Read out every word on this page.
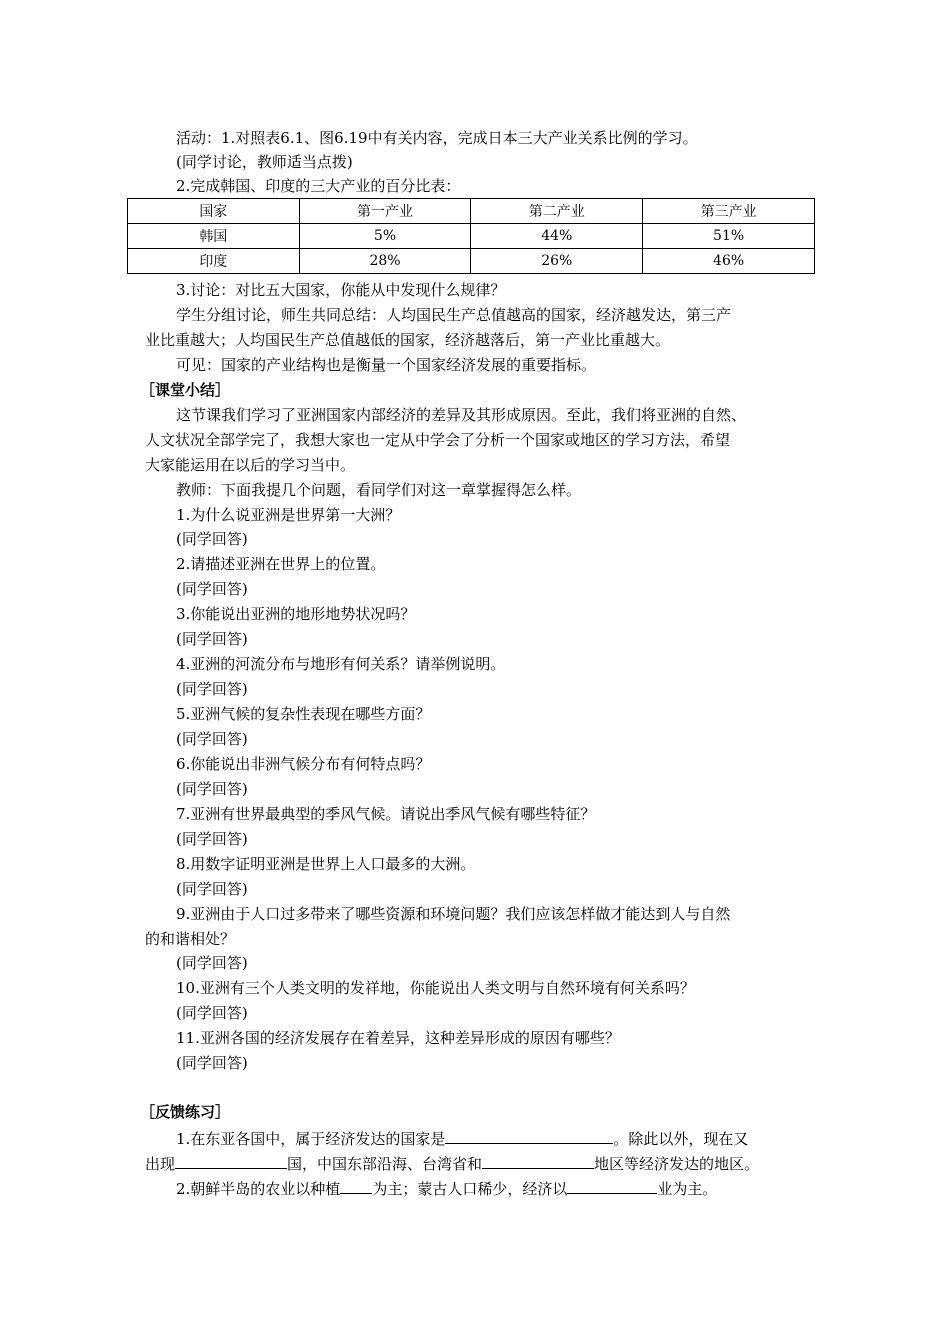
活动：1.对照表6.1、图6.19中有关内容，完成日本三大产业关系比例的学习。
(同学讨论，教师适当点拨)
2.完成韩国、印度的三大产业的百分比表：
国家	第一产业	第二产业	第三产业
韩国	5%	44%	51%
印度	28%	26%	46%
3.讨论：对比五大国家，你能从中发现什么规律？
学生分组讨论，师生共同总结：人均国民生产总值越高的国家，经济越发达，第三产
业比重越大；人均国民生产总值越低的国家，经济越落后，第一产业比重越大。
可见：国家的产业结构也是衡量一个国家经济发展的重要指标。
［课堂小结］
这节课我们学习了亚洲国家内部经济的差异及其形成原因。至此，我们将亚洲的自然、
人文状况全部学完了，我想大家也一定从中学会了分析一个国家或地区的学习方法，希望
大家能运用在以后的学习当中。
教师：下面我提几个问题，看同学们对这一章掌握得怎么样。
1.为什么说亚洲是世界第一大洲？
(同学回答)
2.请描述亚洲在世界上的位置。
(同学回答)
3.你能说出亚洲的地形地势状况吗？
(同学回答)
4.亚洲的河流分布与地形有何关系？请举例说明。
(同学回答)
5.亚洲气候的复杂性表现在哪些方面？
(同学回答)
6.你能说出非洲气候分布有何特点吗？
(同学回答)
7.亚洲有世界最典型的季风气候。请说出季风气候有哪些特征？
(同学回答)
8.用数字证明亚洲是世界上人口最多的大洲。
(同学回答)
9.亚洲由于人口过多带来了哪些资源和环境问题？我们应该怎样做才能达到人与自然
的和谐相处？
(同学回答)
10.亚洲有三个人类文明的发祥地，你能说出人类文明与自然环境有何关系吗？
(同学回答)
11.亚洲各国的经济发展存在着差异，这种差异形成的原因有哪些？
(同学回答)
［反馈练习］
1.在东亚各国中，属于经济发达的国家是	。除此以外，现在又
出现	国，中国东部沿海、台湾省和	地区等经济发达的地区。
2.朝鲜半岛的农业以种植 为主；蒙古人口稀少，经济以	业为主。
